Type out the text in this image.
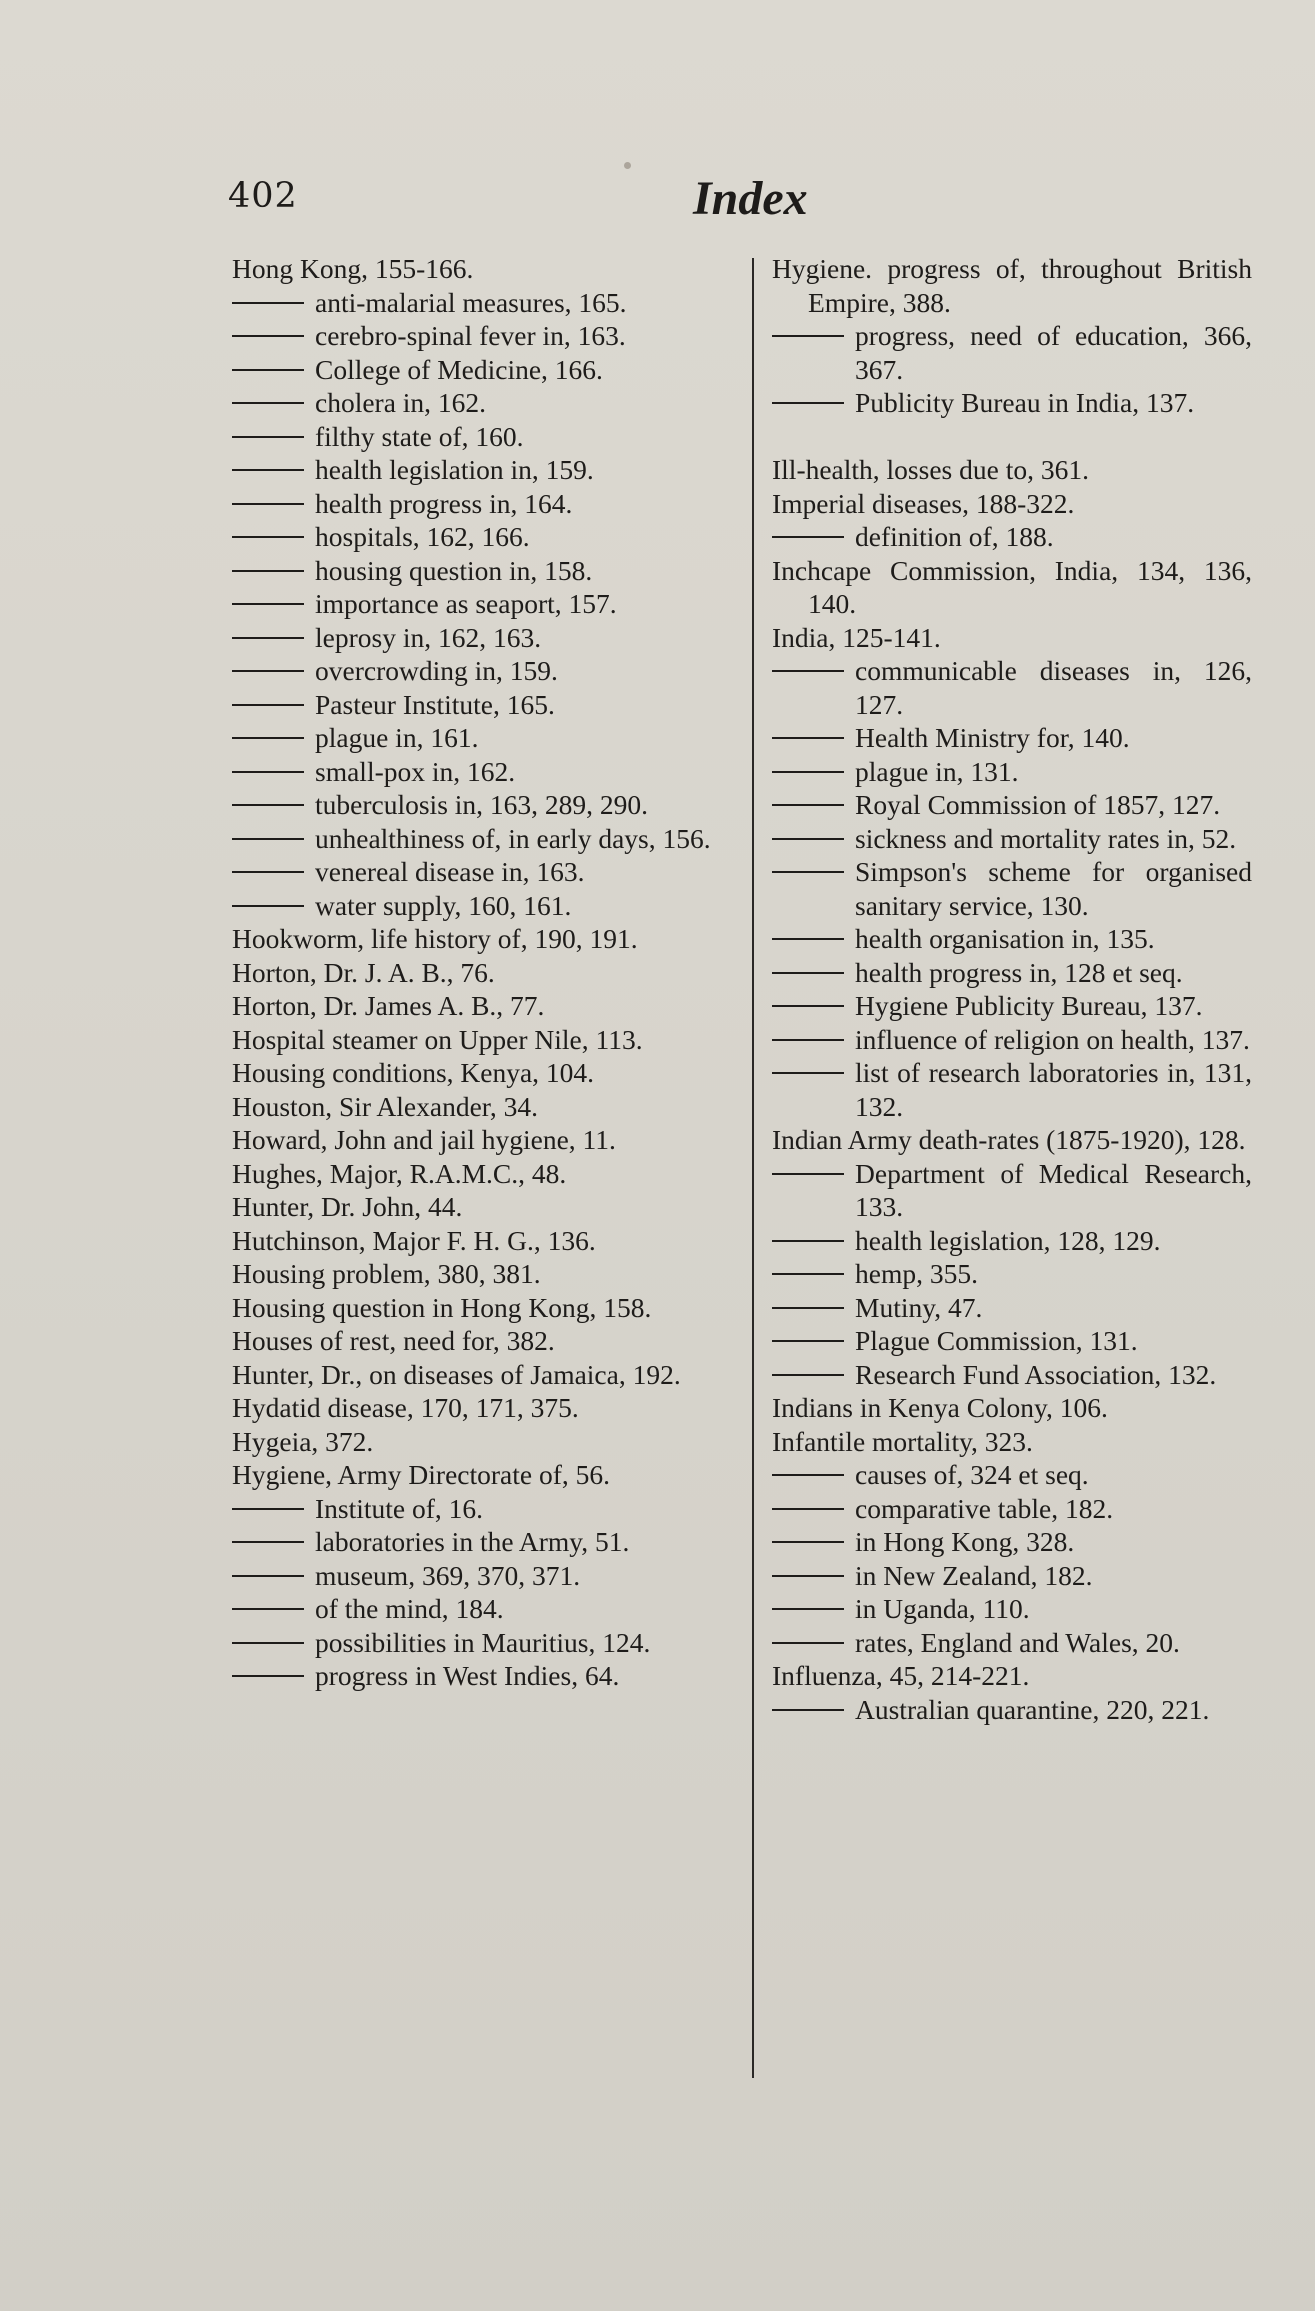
402	Index

Hong Kong, 155-166.

anti-malarial measures, 165.

cerebro-spinal fever in, 163.

College of Medicine, 166.

cholera in, 162.

filthy state of, 160.

health legislation in, 159.

health progress in, 164.

hospitals, 162, 166.

housing question in, 158.

importance as seaport, 157.

leprosy in, 162, 163.

overcrowding in, 159.

Pasteur Institute, 165.

plague in, 161.

small-pox in, 162.

tuberculosis in, 163, 289, 290.

unhealthiness of, in early days, 156.

venereal disease in, 163.

water supply, 160, 161.

Hookworm, life history of, 190, 191.

Horton, Dr. J. A. B., 76.

Horton, Dr. James A. B., 77.

Hospital steamer on Upper Nile, 113.

Housing conditions, Kenya, 104.

Houston, Sir Alexander, 34.

Howard, John and jail hygiene, 11.

Hughes, Major, R.A.M.C., 48.

Hunter, Dr. John, 44.

Hutchinson, Major F. H. G., 136.

Housing problem, 380, 381.

Housing question in Hong Kong, 158.

Houses of rest, need for, 382.

Hunter, Dr., on diseases of Jamaica, 192.

Hydatid disease, 170, 171, 375.

Hygeia, 372.

Hygiene, Army Directorate of, 56.

Institute of, 16.

laboratories in the Army, 51.

museum, 369, 370, 371.

of the mind, 184.

possibilities in Mauritius, 124.

progress in West Indies, 64.

Hygiene. progress of, throughout British Empire, 388.

progress, need of education, 366, 367.

Publicity Bureau in India, 137.

Ill-health, losses due to, 361.

Imperial diseases, 188-322.

definition of, 188.

Inchcape Commission, India, 134, 136, 140.

India, 125-141.

communicable diseases in, 126, 127.

Health Ministry for, 140.

plague in, 131.

Royal Commission of 1857, 127.

sickness and mortality rates in, 52.

Simpson's scheme for organised sanitary service, 130.

health organisation in, 135.

health progress in, 128 et seq.

Hygiene Publicity Bureau, 137.

influence of religion on health, 137.

list of research laboratories in, 131, 132.

Indian Army death-rates (1875-1920), 128.

Department of Medical Research, 133.

health legislation, 128, 129.

hemp, 355.

Mutiny, 47.

Plague Commission, 131.

Research Fund Association, 132.

Indians in Kenya Colony, 106.

Infantile mortality, 323.

causes of, 324 et seq.

comparative table, 182.

in Hong Kong, 328.

in New Zealand, 182.

in Uganda, 110.

rates, England and Wales, 20.

Influenza, 45, 214-221.

Australian quarantine, 220, 221.
